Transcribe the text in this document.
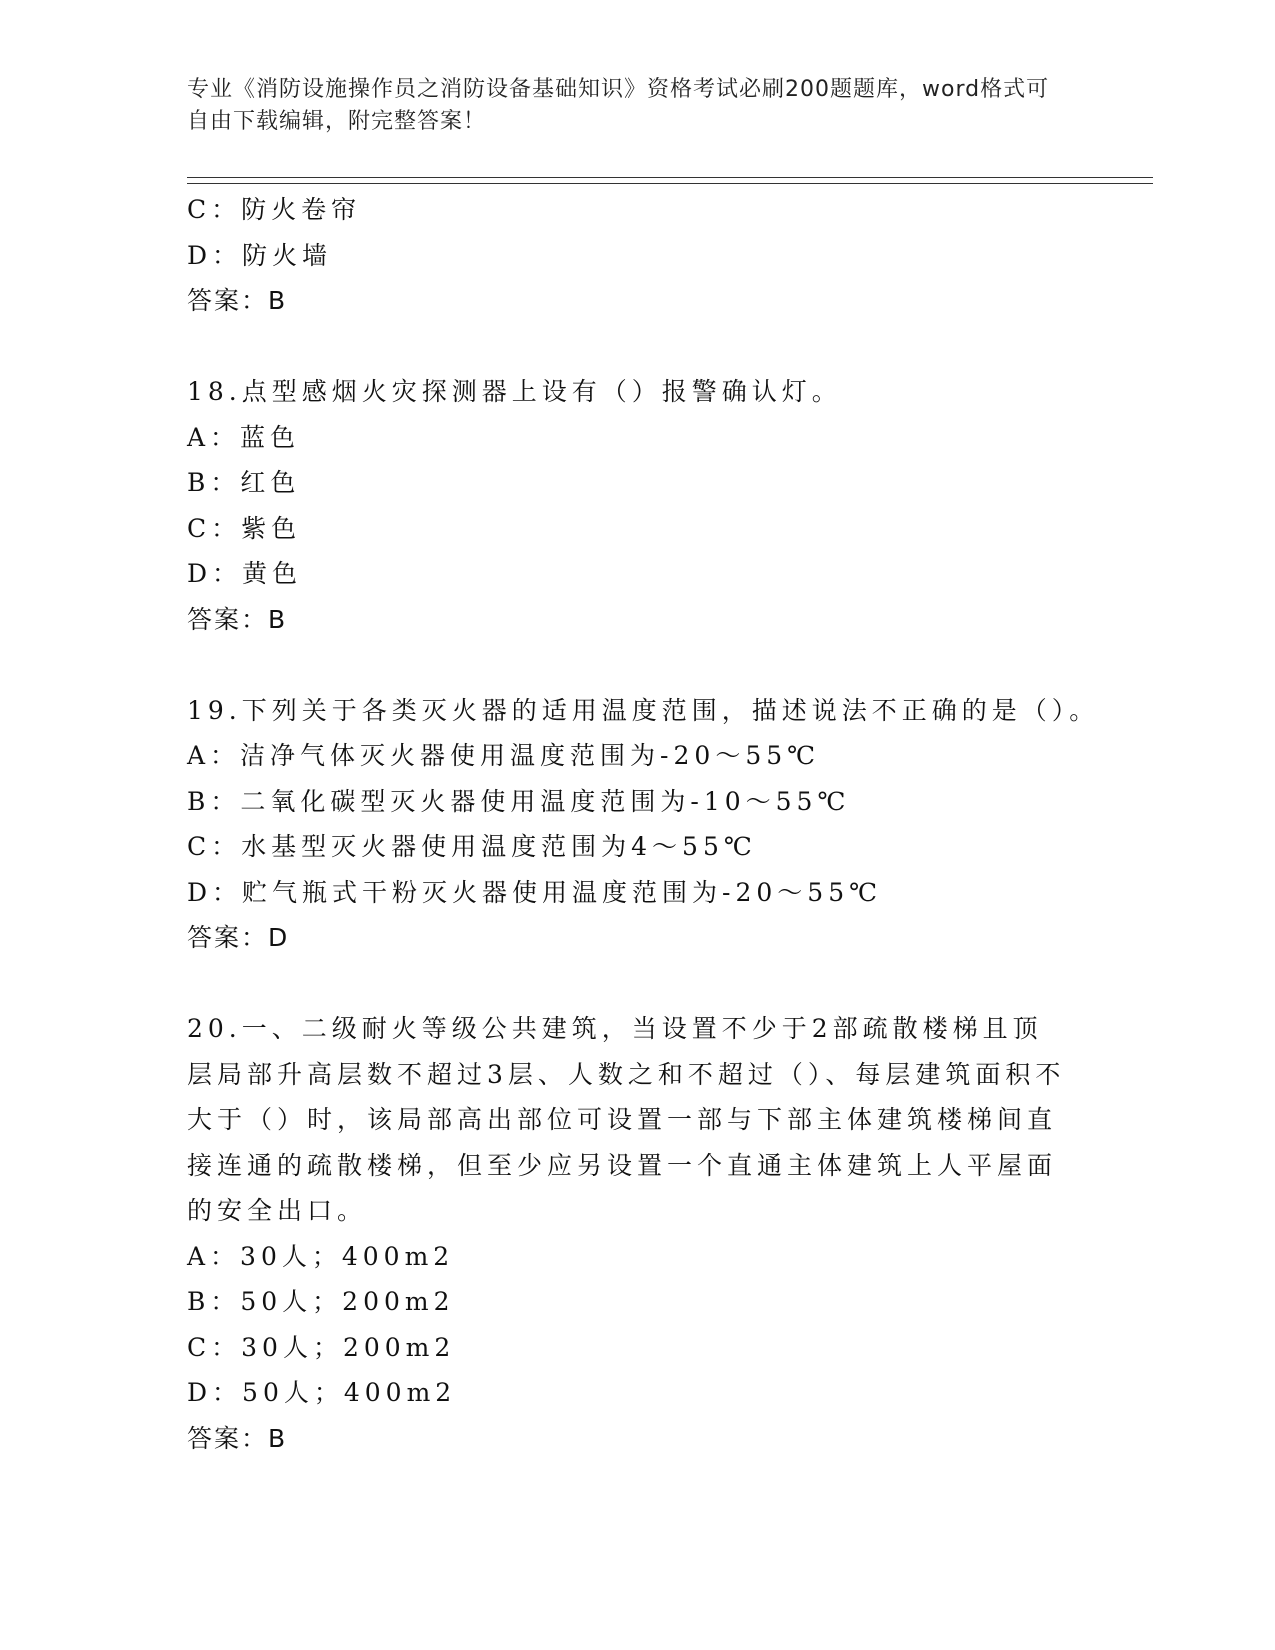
专业《消防设施操作员之消防设备基础知识》资格考试必刷200题题库，word格式可自由下载编辑，附完整答案！
C：防火卷帘
D：防火墙
答案：B
18.点型感烟火灾探测器上设有（）报警确认灯。
A：蓝色
B：红色
C：紫色
D：黄色
答案：B
19.下列关于各类灭火器的适用温度范围，描述说法不正确的是（）。
A：洁净气体灭火器使用温度范围为-20～55℃
B：二氧化碳型灭火器使用温度范围为-10～55℃
C：水基型灭火器使用温度范围为4～55℃
D：贮气瓶式干粉灭火器使用温度范围为-20～55℃
答案：D
20.一、二级耐火等级公共建筑，当设置不少于2部疏散楼梯且顶层局部升高层数不超过3层、人数之和不超过（）、每层建筑面积不大于（）时，该局部高出部位可设置一部与下部主体建筑楼梯间直接连通的疏散楼梯，但至少应另设置一个直通主体建筑上人平屋面的安全出口。
A：30人；400m2
B：50人；200m2
C：30人；200m2
D：50人；400m2
答案：B
